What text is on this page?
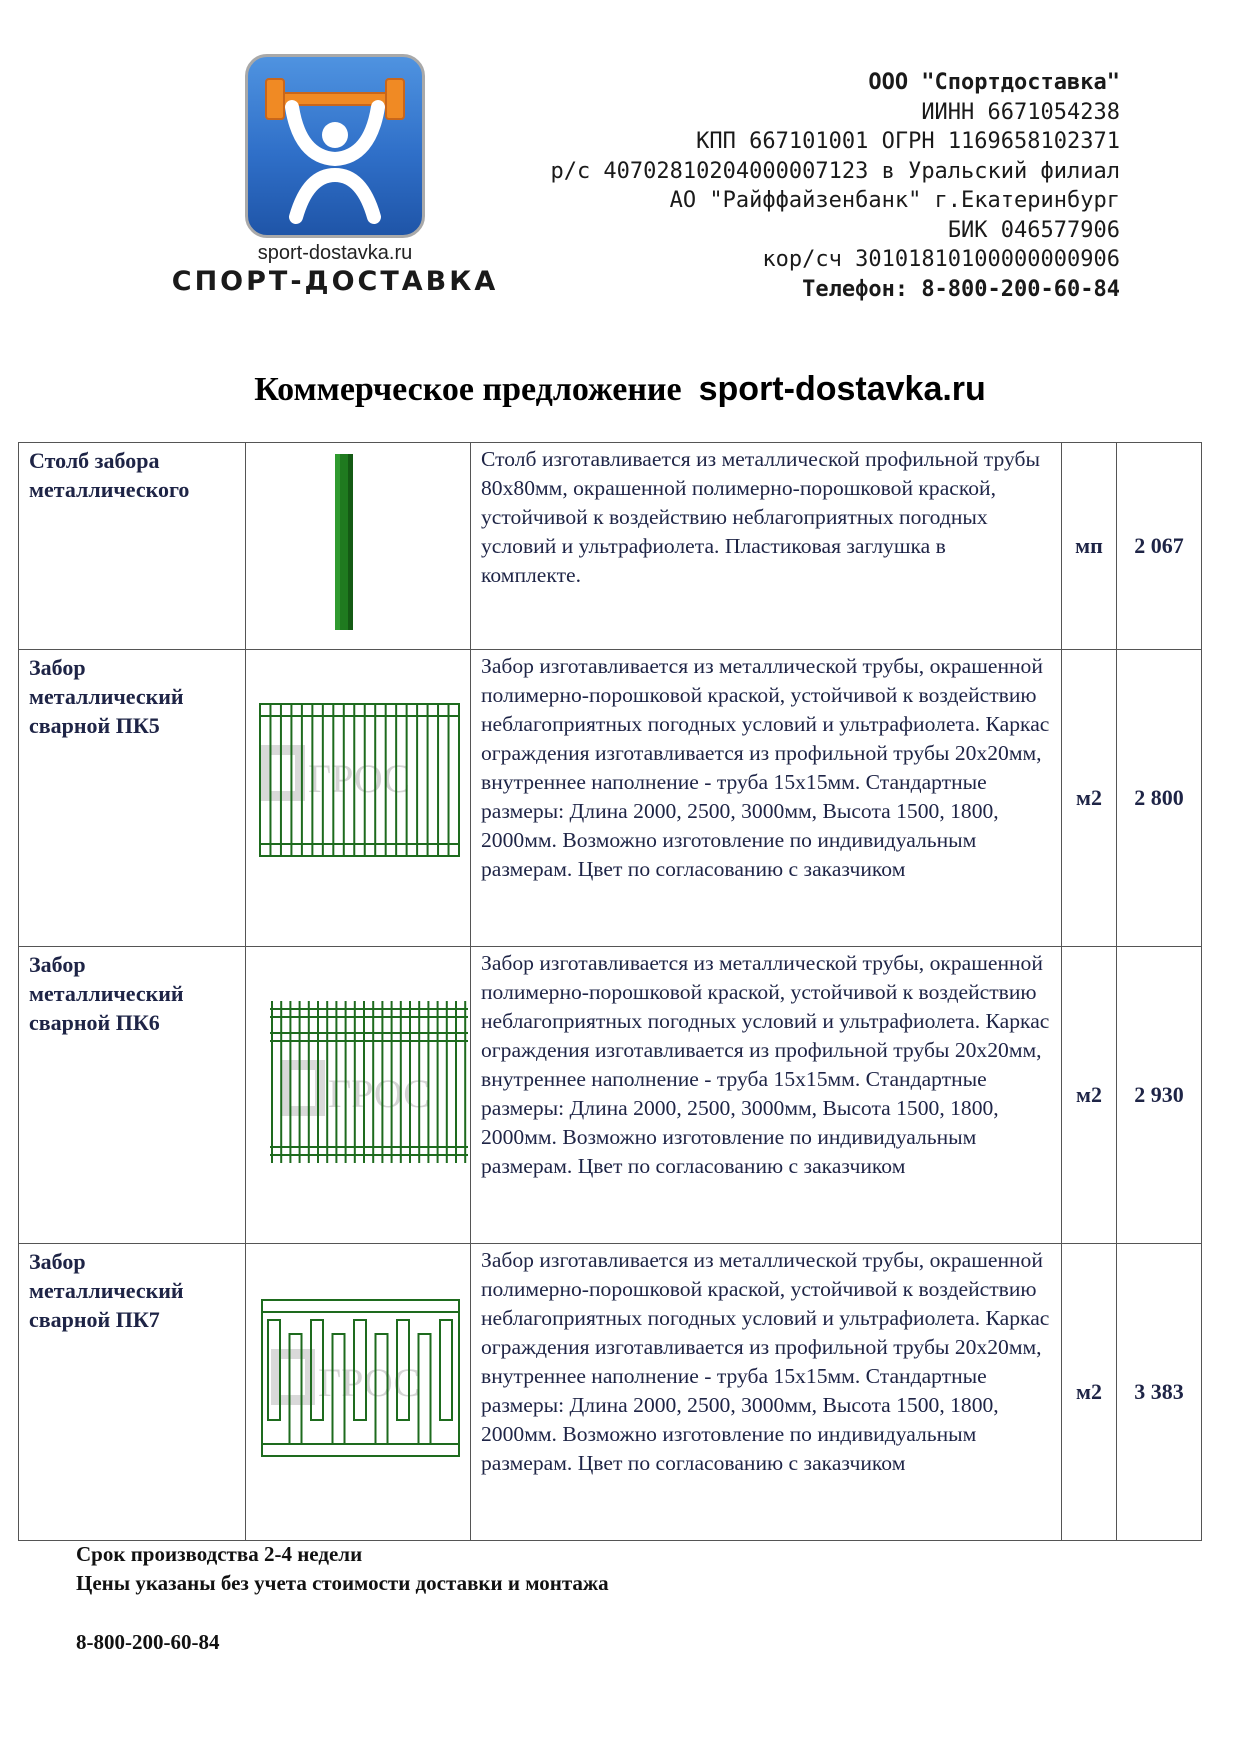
sport-dostavka.ru
СПОРТ-ДОСТАВКА
ООО "Спортдоставка"
ИИНН 6671054238
КПП 667101001 ОГРН 1169658102371
р/с 40702810204000007123 в Уральский филиал
АО "Райффайзенбанк" г.Екатеринбург
БИК 046577906
кор/сч 30101810100000000906
Телефон: 8-800-200-60-84
Коммерческое предложение sport-dostavka.ru
Столб забора металлического		Столб изготавливается из металлической профильной трубы 80х80мм, окрашенной полимерно-порошковой краской, устойчивой к воздействию неблагоприятных погодных условий и ультрафиолета. Пластиковая заглушка в комплекте.	мп	2 067
Забор металлический сварной ПК5	ГРОС	Забор изготавливается из металлической трубы, окрашенной полимерно-порошковой краской, устойчивой к воздействию неблагоприятных погодных условий и ультрафиолета. Каркас ограждения изготавливается из профильной трубы 20х20мм, внутреннее наполнение - труба 15х15мм. Стандартные размеры: Длина 2000, 2500, 3000мм, Высота 1500, 1800, 2000мм. Возможно изготовление по индивидуальным размерам. Цвет по согласованию с заказчиком	м2	2 800
Забор металлический сварной ПК6	ГРОС	Забор изготавливается из металлической трубы, окрашенной полимерно-порошковой краской, устойчивой к воздействию неблагоприятных погодных условий и ультрафиолета. Каркас ограждения изготавливается из профильной трубы 20х20мм, внутреннее наполнение - труба 15х15мм. Стандартные размеры: Длина 2000, 2500, 3000мм, Высота 1500, 1800, 2000мм. Возможно изготовление по индивидуальным размерам. Цвет по согласованию с заказчиком	м2	2 930
Забор металлический сварной ПК7	ГРОС	Забор изготавливается из металлической трубы, окрашенной полимерно-порошковой краской, устойчивой к воздействию неблагоприятных погодных условий и ультрафиолета. Каркас ограждения изготавливается из профильной трубы 20х20мм, внутреннее наполнение - труба 15х15мм. Стандартные размеры: Длина 2000, 2500, 3000мм, Высота 1500, 1800, 2000мм. Возможно изготовление по индивидуальным размерам. Цвет по согласованию с заказчиком	м2	3 383
Срок производства 2-4 недели
Цены указаны без учета стоимости доставки и монтажа
8-800-200-60-84
